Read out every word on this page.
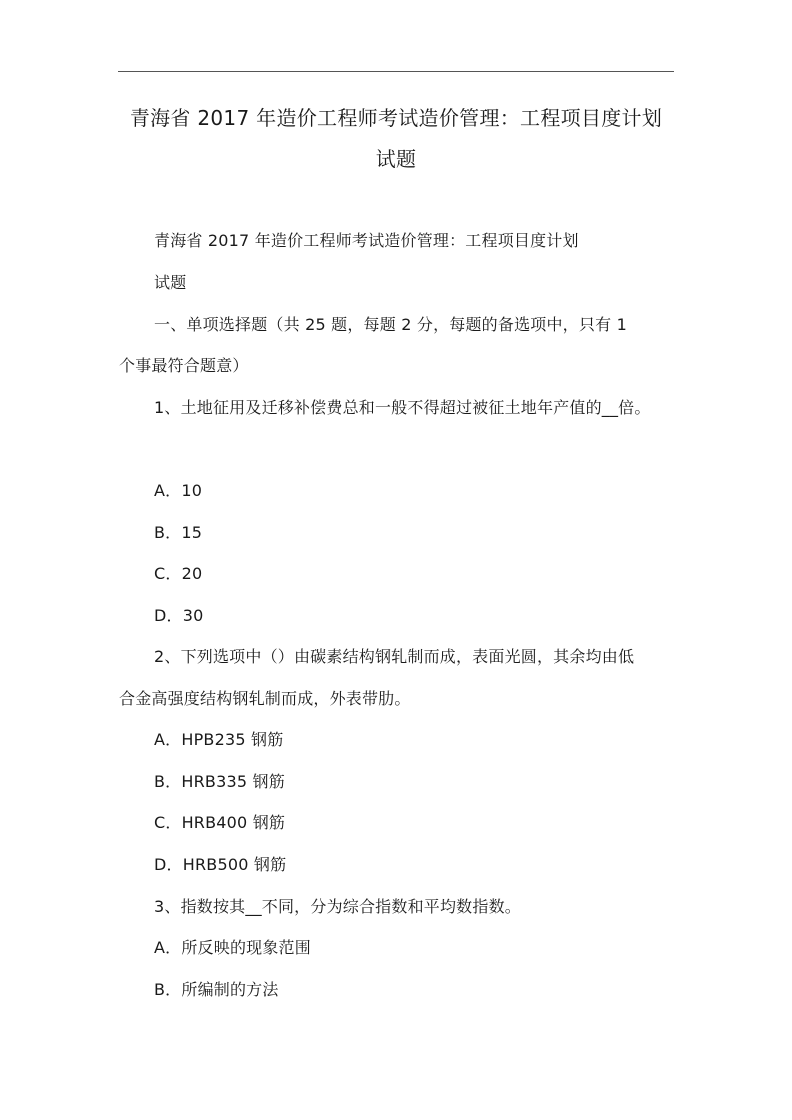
青海省 2017 年造价工程师考试造价管理：工程项目度计划
试题
青海省 2017 年造价工程师考试造价管理：工程项目度计划
试题
一、单项选择题（共 25 题，每题 2 分，每题的备选项中，只有 1
个事最符合题意）
1、土地征用及迁移补偿费总和一般不得超过被征土地年产值的__倍。
A．10
B．15
C．20
D．30
2、下列选项中（）由碳素结构钢轧制而成，表面光圆，其余均由低
合金高强度结构钢轧制而成，外表带肋。
A．HPB235 钢筋
B．HRB335 钢筋
C．HRB400 钢筋
D．HRB500 钢筋
3、指数按其__不同，分为综合指数和平均数指数。
A．所反映的现象范围
B．所编制的方法
